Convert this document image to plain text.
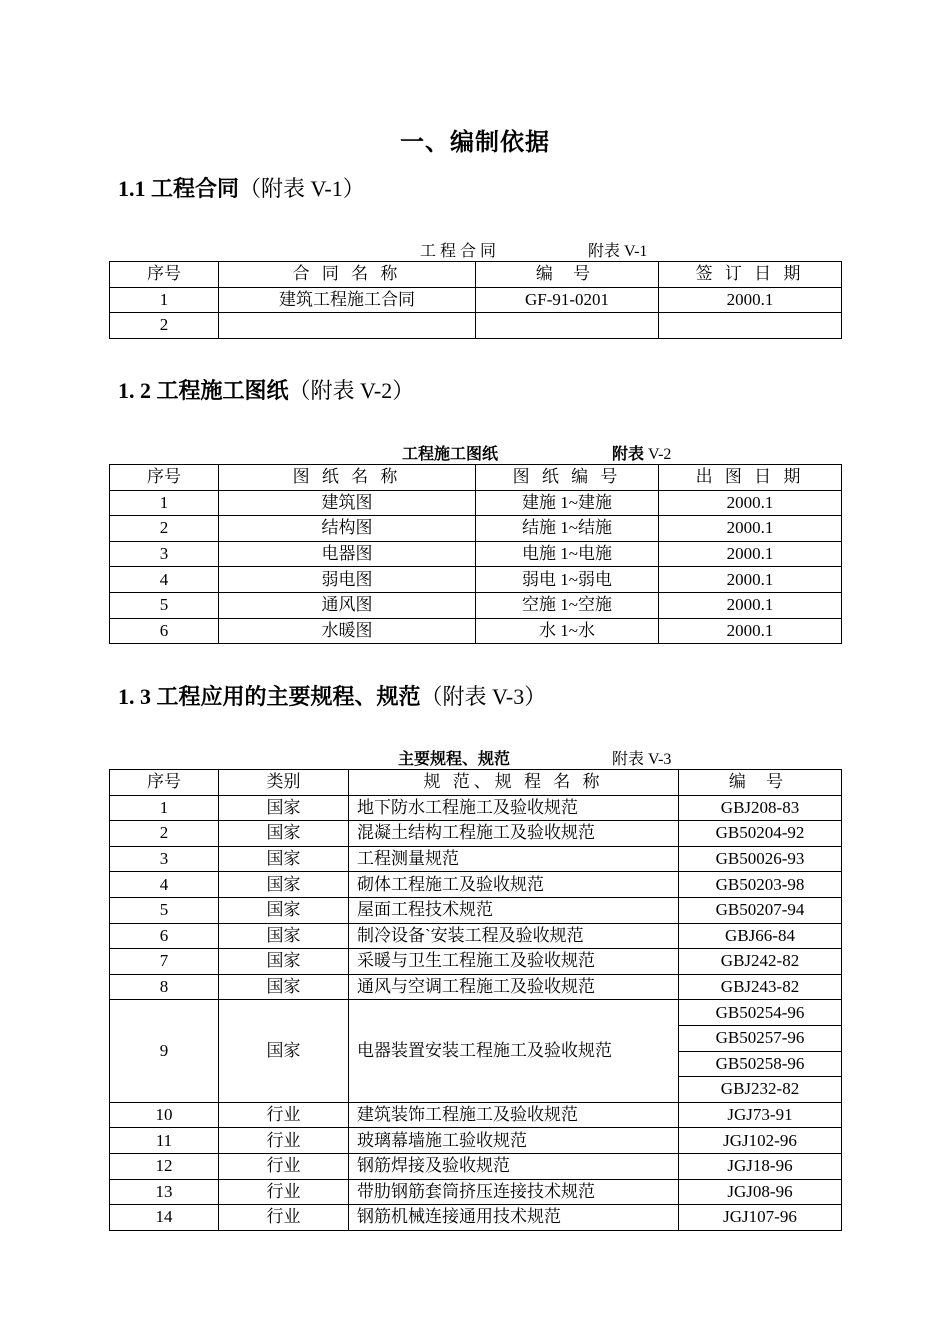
一、编制依据
1.1 工程合同（附表 V-1）
工 程 合 同	附表 V-1
序号	合 同 名 称	编 号	签 订 日 期
1	建筑工程施工合同	GF-91-0201	2000.1
2			
1. 2 工程施工图纸（附表 V-2）
工程施工图纸	附表 V-2
序号	图 纸 名 称	图 纸 编 号	出 图 日 期
1	建筑图	建施 1~建施	2000.1
2	结构图	结施 1~结施	2000.1
3	电器图	电施 1~电施	2000.1
4	弱电图	弱电 1~弱电	2000.1
5	通风图	空施 1~空施	2000.1
6	水暖图	水 1~水	2000.1
1. 3 工程应用的主要规程、规范（附表 V-3）
主要规程、规范	附表 V-3
序号	类别	规 范、规 程 名 称	编 号
1	国家	地下防水工程施工及验收规范	GBJ208-83
2	国家	混凝土结构工程施工及验收规范	GB50204-92
3	国家	工程测量规范	GB50026-93
4	国家	砌体工程施工及验收规范	GB50203-98
5	国家	屋面工程技术规范	GB50207-94
6	国家	制冷设备`安装工程及验收规范	GBJ66-84
7	国家	采暖与卫生工程施工及验收规范	GBJ242-82
8	国家	通风与空调工程施工及验收规范	GBJ243-82
9	国家	电器装置安装工程施工及验收规范	GB50254-96
			GB50257-96
			GB50258-96
			GBJ232-82
10	行业	建筑装饰工程施工及验收规范	JGJ73-91
11	行业	玻璃幕墙施工验收规范	JGJ102-96
12	行业	钢筋焊接及验收规范	JGJ18-96
13	行业	带肋钢筋套筒挤压连接技术规范	JGJ08-96
14	行业	钢筋机械连接通用技术规范	JGJ107-96
